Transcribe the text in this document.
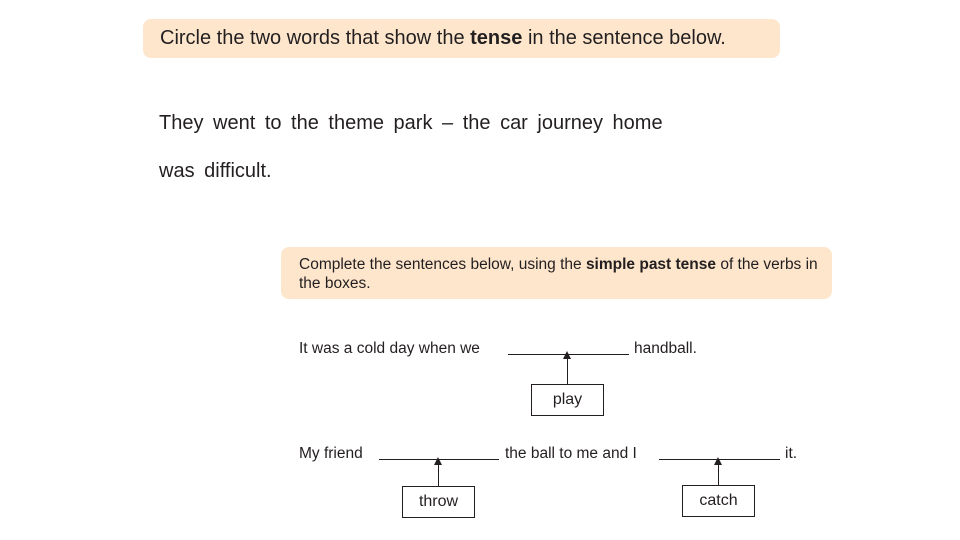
Circle the two words that show the tense in the sentence below.
They went to the theme park – the car journey home
was difficult.
Complete the sentences below, using the simple past tense of the verbs in the boxes.
It was a cold day when we	handball.
play
My friend	the ball to me and I	it.
throw	catch
